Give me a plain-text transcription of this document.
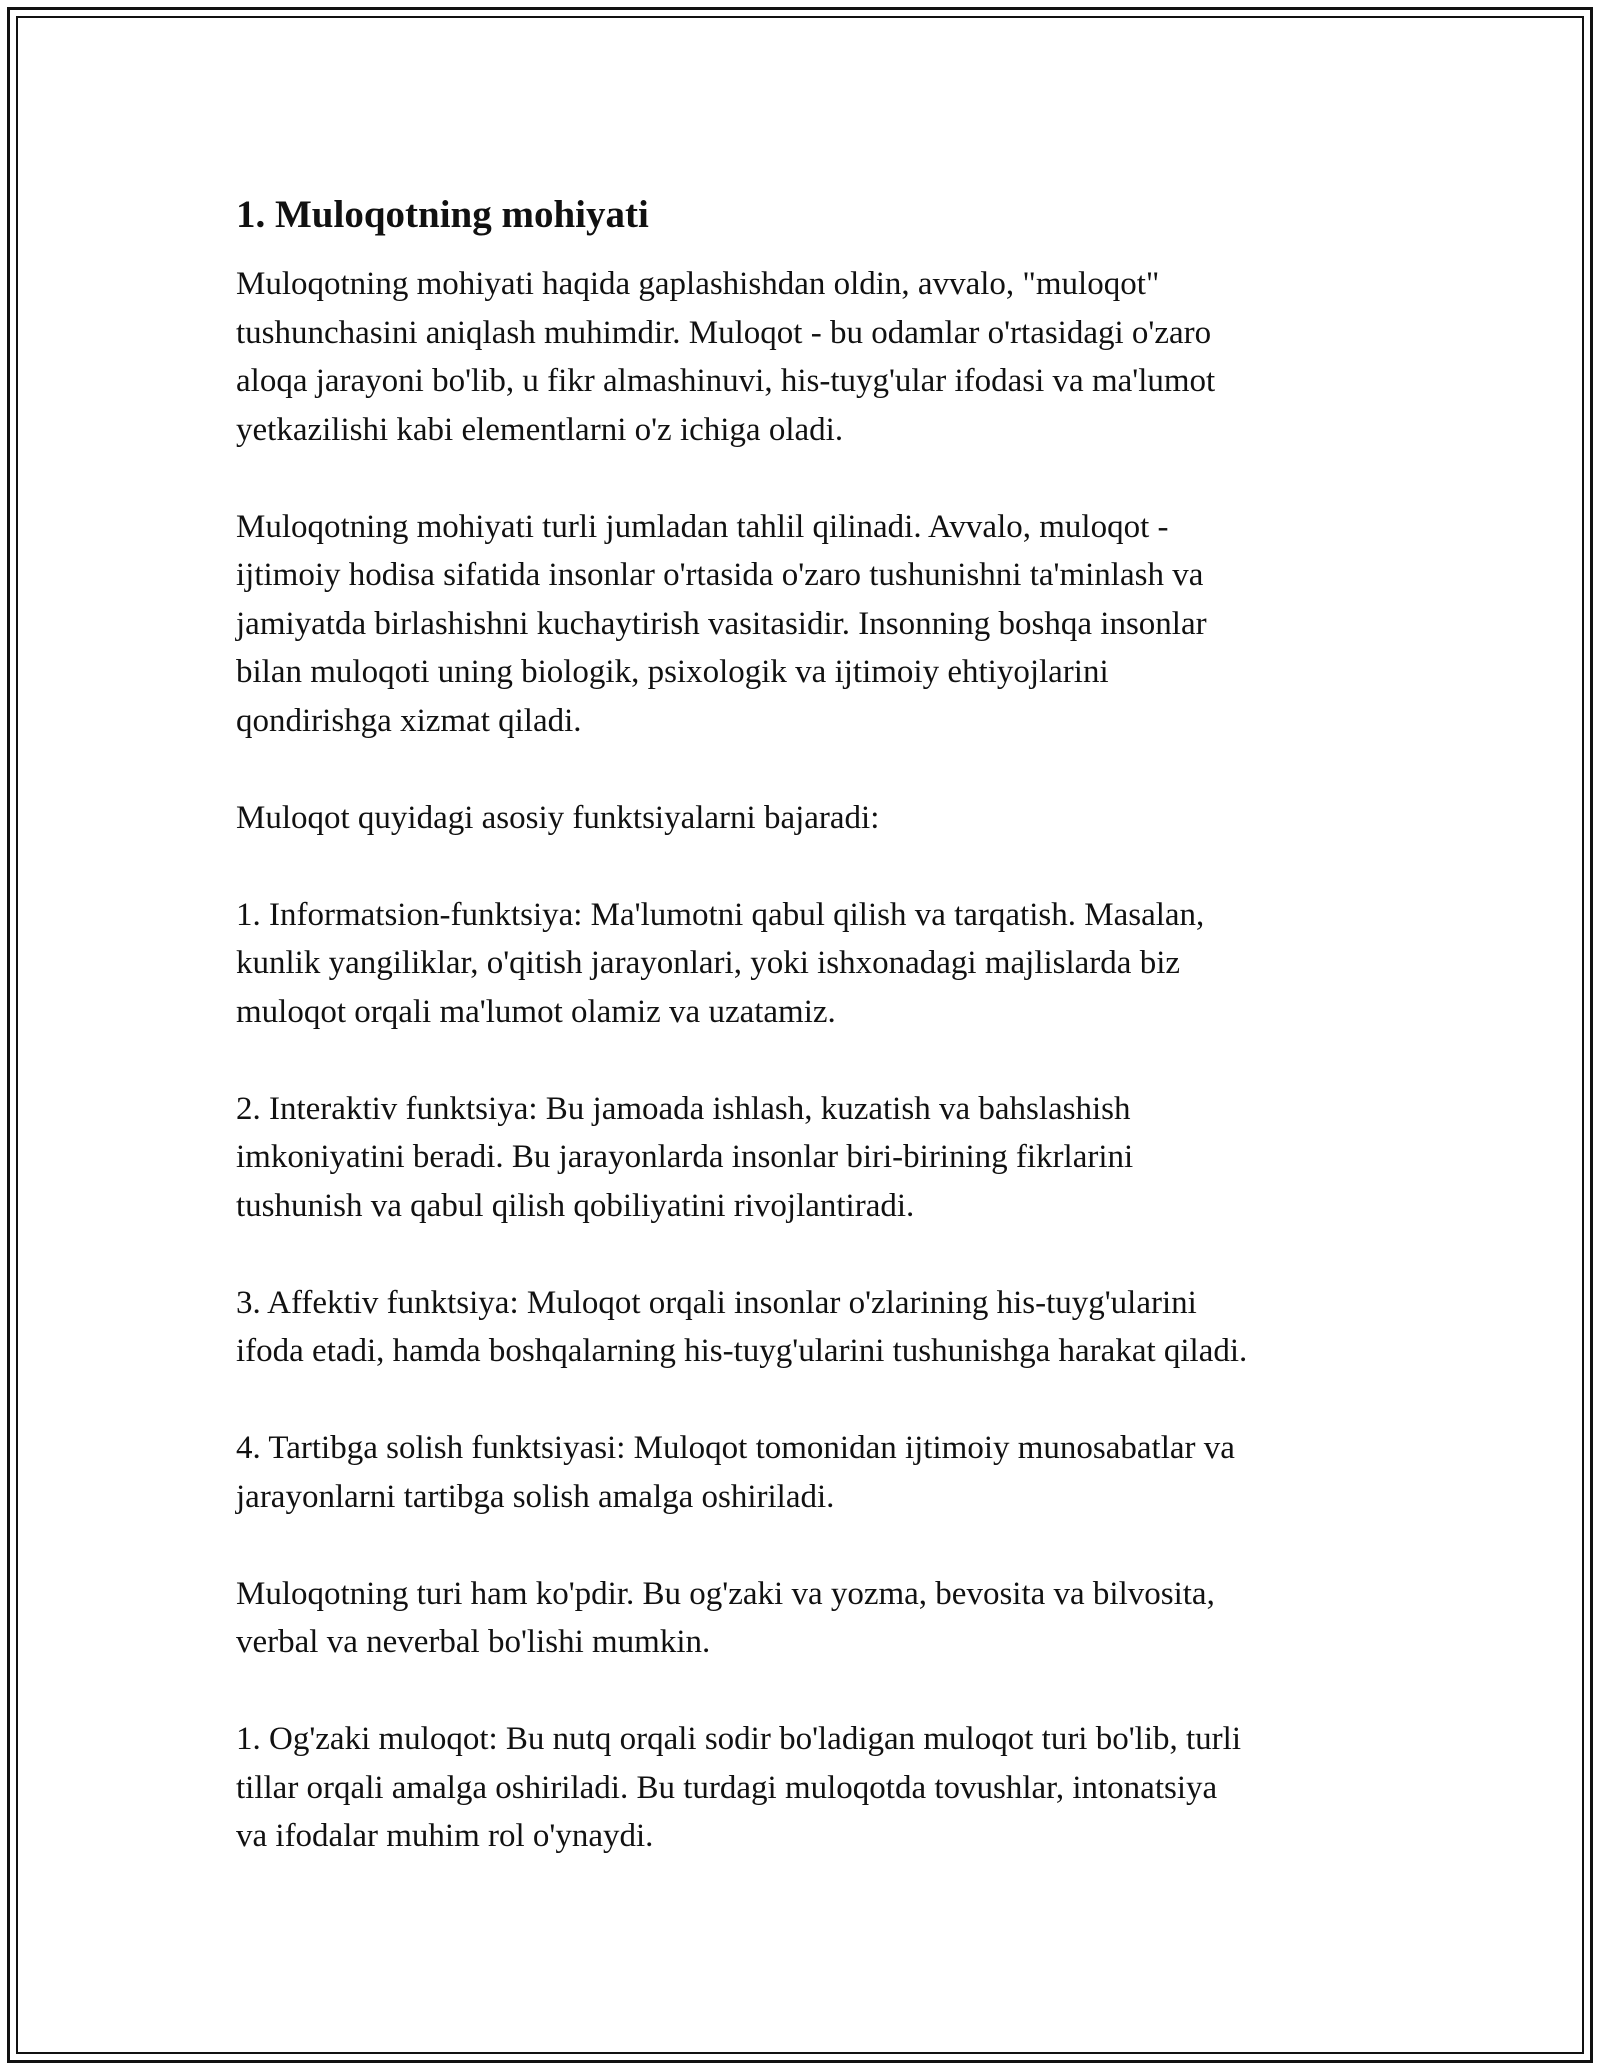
1. Muloqotning mohiyati

Muloqotning mohiyati haqida gaplashishdan oldin, avvalo, "muloqot"
tushunchasini aniqlash muhimdir. Muloqot - bu odamlar o'rtasidagi o'zaro
aloqa jarayoni bo'lib, u fikr almashinuvi, his-tuyg'ular ifodasi va ma'lumot
yetkazilishi kabi elementlarni o'z ichiga oladi.

Muloqotning mohiyati turli jumladan tahlil qilinadi. Avvalo, muloqot -
ijtimoiy hodisa sifatida insonlar o'rtasida o'zaro tushunishni ta'minlash va
jamiyatda birlashishni kuchaytirish vasitasidir. Insonning boshqa insonlar
bilan muloqoti uning biologik, psixologik va ijtimoiy ehtiyojlarini
qondirishga xizmat qiladi.

Muloqot quyidagi asosiy funktsiyalarni bajaradi:

1. Informatsion-funktsiya: Ma'lumotni qabul qilish va tarqatish. Masalan,
kunlik yangiliklar, o'qitish jarayonlari, yoki ishxonadagi majlislarda biz
muloqot orqali ma'lumot olamiz va uzatamiz.

2. Interaktiv funktsiya: Bu jamoada ishlash, kuzatish va bahslashish
imkoniyatini beradi. Bu jarayonlarda insonlar biri-birining fikrlarini
tushunish va qabul qilish qobiliyatini rivojlantiradi.

3. Affektiv funktsiya: Muloqot orqali insonlar o'zlarining his-tuyg'ularini
ifoda etadi, hamda boshqalarning his-tuyg'ularini tushunishga harakat qiladi.

4. Tartibga solish funktsiyasi: Muloqot tomonidan ijtimoiy munosabatlar va
jarayonlarni tartibga solish amalga oshiriladi.

Muloqotning turi ham ko'pdir. Bu og'zaki va yozma, bevosita va bilvosita,
verbal va neverbal bo'lishi mumkin.

1. Og'zaki muloqot: Bu nutq orqali sodir bo'ladigan muloqot turi bo'lib, turli
tillar orqali amalga oshiriladi. Bu turdagi muloqotda tovushlar, intonatsiya
va ifodalar muhim rol o'ynaydi.
